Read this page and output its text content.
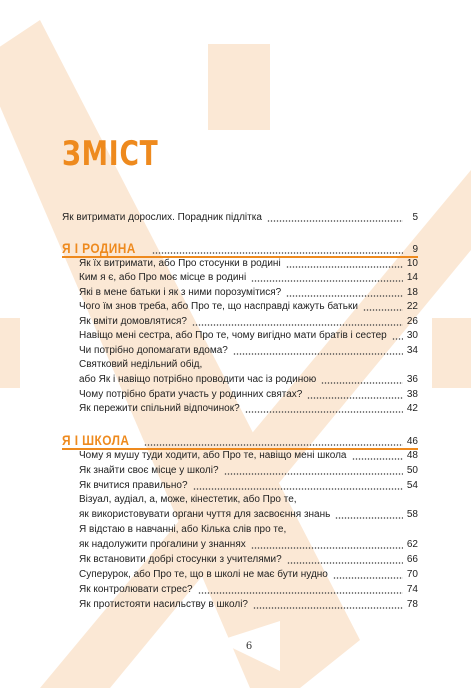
ЗМІСТ
Як витримати дорослих. Порадник підлітка	5
Я І РОДИНА	9
Як їх витримати, або Про стосунки в родині	10
Ким я є, або Про моє місце в родині	14
Які в мене батьки і як з ними порозумітися?	18
Чого їм знов треба, або Про те, що насправді кажуть батьки	22
Як вміти домовлятися?	26
Навіщо мені сестра, або Про те, чому вигідно мати братів і сестер 30
Чи потрібно допомагати вдома?	34
Святковий недільний обід,
або Як і навіщо потрібно проводити час із родиною	36
Чому потрібно брати участь у родинних святах?	38
Як пережити спільний відпочинок?	42
Я І ШКОЛА	46
Чому я мушу туди ходити, або Про те, навіщо мені школа	48
Як знайти своє місце у школі?	50
Як вчитися правильно?	54
Візуал, аудіал, а, може, кінестетик, або Про те,
як використовувати органи чуття для засвоєння знань	58
Я відстаю в навчанні, або Кілька слів про те,
як надолужити прогалини у знаннях	62
Як встановити добрі стосунки з учителями?	66
Суперурок, або Про те, що в школі не має бути нудно	70
Як контролювати стрес?	74
Як протистояти насильству в школі?	78
6
